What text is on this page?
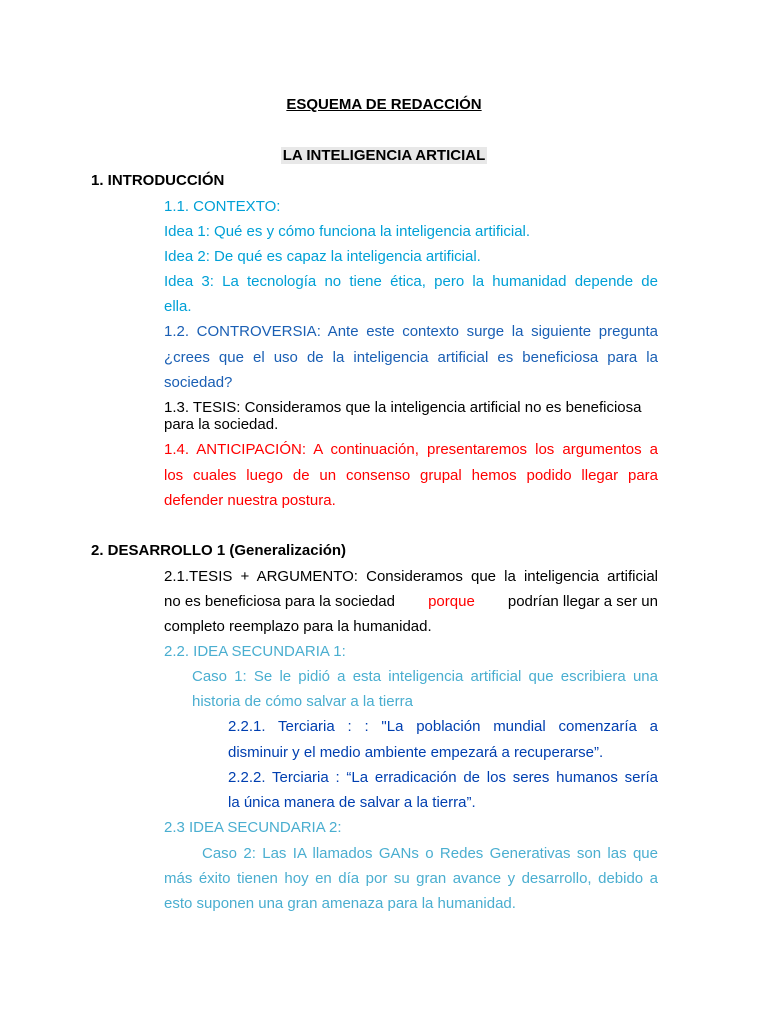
ESQUEMA DE REDACCIÓN
LA INTELIGENCIA ARTICIAL
1. INTRODUCCIÓN
1.1. CONTEXTO:
Idea 1: Qué es y cómo funciona la inteligencia artificial.
Idea 2: De qué es capaz la inteligencia artificial.
Idea 3: La tecnología no tiene ética, pero la humanidad depende de
ella.
1.2. CONTROVERSIA: Ante este contexto surge la siguiente pregunta
¿crees que el uso de la inteligencia artificial es beneficiosa para la
sociedad?
1.3. TESIS: Consideramos que la inteligencia artificial no es beneficiosa
para la sociedad.
1.4. ANTICIPACIÓN: A continuación, presentaremos los argumentos a
los cuales luego de un consenso grupal hemos podido llegar para
defender nuestra postura.
2. DESARROLLO 1 (Generalización)
2.1.TESIS + ARGUMENTO: Consideramos que la inteligencia artificial
no es beneficiosa para la sociedad porque podrían llegar a ser un
completo reemplazo para la humanidad.
2.2. IDEA SECUNDARIA 1:
Caso 1: Se le pidió a esta inteligencia artificial que escribiera una
historia de cómo salvar a la tierra
2.2.1. Terciaria : : "La población mundial comenzaría a
disminuir y el medio ambiente empezará a recuperarse”.
2.2.2. Terciaria : “La erradicación de los seres humanos sería
la única manera de salvar a la tierra”.
2.3 IDEA SECUNDARIA 2:
Caso 2: Las IA llamados GANs o Redes Generativas son las que
más éxito tienen hoy en día por su gran avance y desarrollo, debido a
esto suponen una gran amenaza para la humanidad.
